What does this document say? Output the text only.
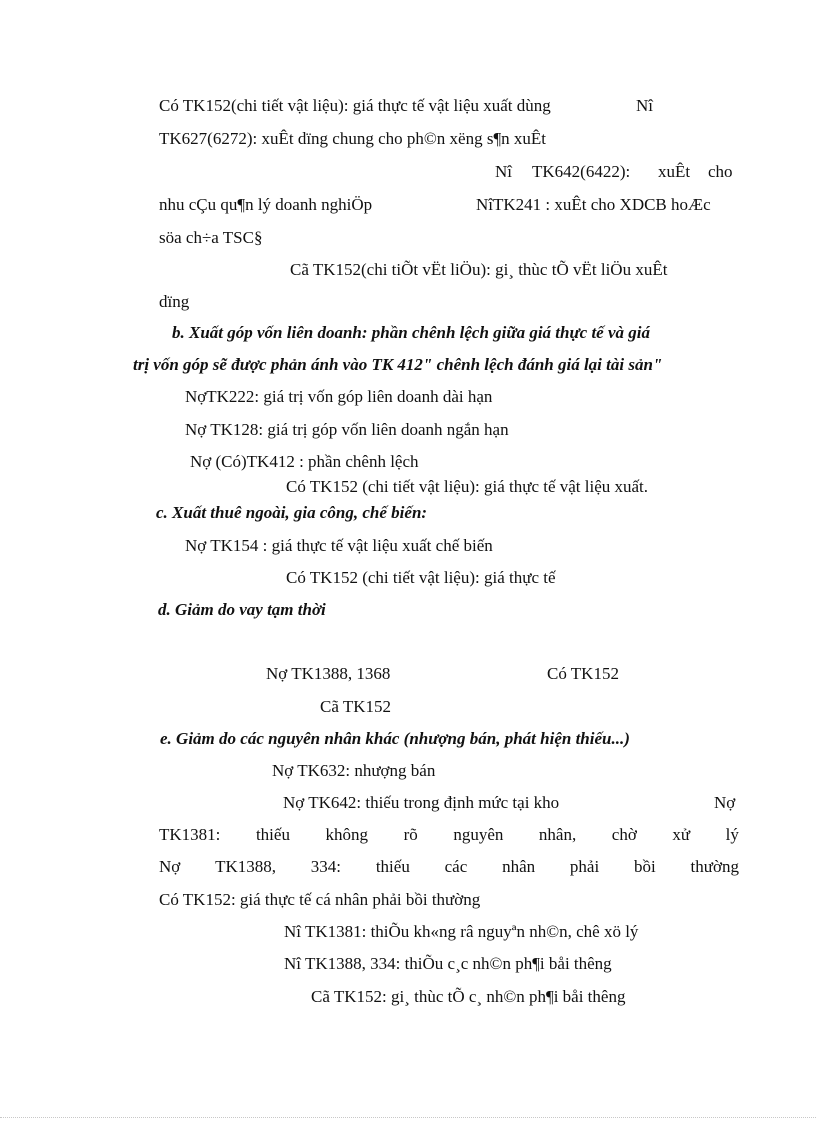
Có TK152(chi tiết vật liệu): giá thực tế vật liệu xuất dùng	Nî
TK627(6272): xuÊt dïng chung cho ph©n xëng s¶n xuÊt
Nî TK642(6422): xuÊt cho
nhu cÇu qu¶n lý doanh nghiÖp	NîTK241 : xuÊt cho XDCB hoÆc
söa ch÷a TSC§
Cã TK152(chi tiÕt vËt liÖu): gi¸ thùc tÕ vËt liÖu xuÊt
dïng
b. Xuất góp vốn liên doanh: phần chênh lệch giữa giá thực tế và giá
trị vốn góp sẽ được phản ánh vào TK 412" chênh lệch đánh giá lại tài sản"
NợTK222: giá trị vốn góp liên doanh dài hạn
Nợ TK128: giá trị góp vốn liên doanh ngắn hạn
Nợ (Có)TK412 : phần chênh lệch
Có TK152 (chi tiết vật liệu): giá thực tế vật liệu xuất.
c. Xuất thuê ngoài, gia công, chế biến:
Nợ TK154 : giá thực tế vật liệu xuất chế biến
Có TK152 (chi tiết vật liệu): giá thực tế
d. Giảm do vay tạm thời
Nợ TK1388, 1368	Có TK152
Cã TK152
e. Giảm do các nguyên nhân khác (nhượng bán, phát hiện thiếu...)
Nợ TK632: nhượng bán
Nợ TK642: thiếu trong định mức tại kho	Nợ
TK1381: thiếu không rõ nguyên nhân, chờ xử lý
Nợ TK1388, 334: thiếu các nhân phải bồi thường
Có TK152: giá thực tế cá nhân phải bồi thường
Nî TK1381: thiÕu kh«ng râ nguyªn nh©n, chê xö lý
Nî TK1388, 334: thiÕu c¸c nh©n ph¶i båi thêng
Cã TK152: gi¸ thùc tÕ c¸ nh©n ph¶i båi thêng
